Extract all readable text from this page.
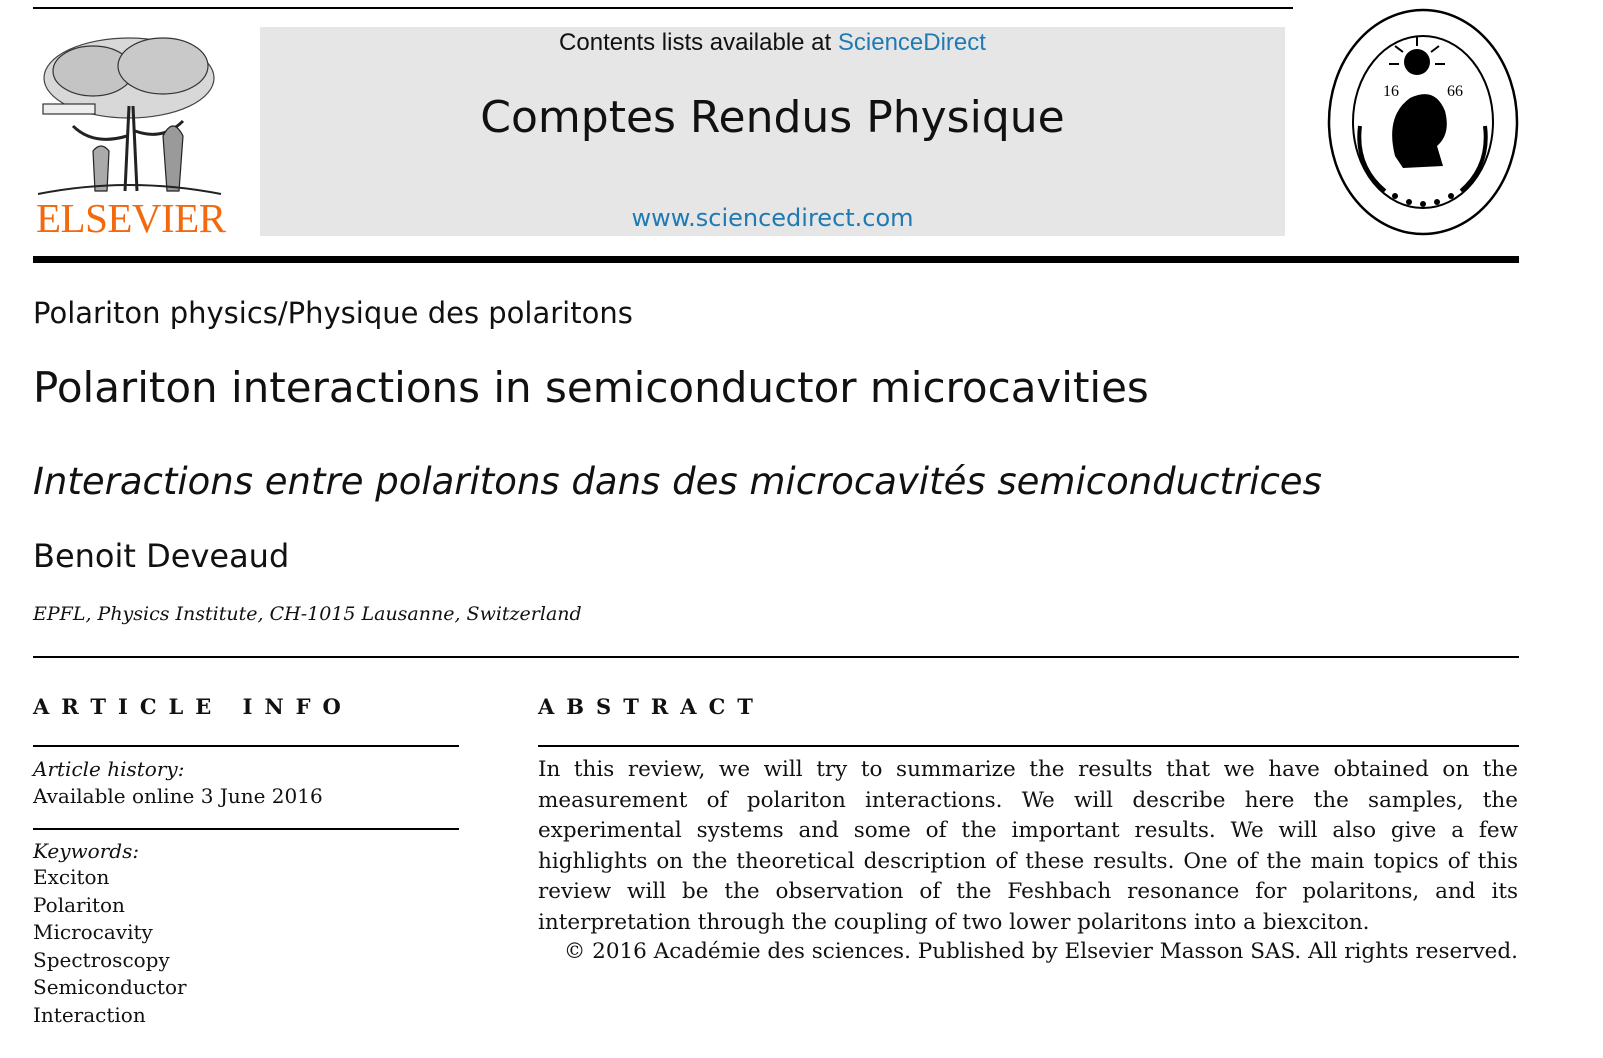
ELSEVIER
Contents lists available at ScienceDirect
Comptes Rendus Physique
www.sciencedirect.com
16	66
Polariton physics/Physique des polaritons
Polariton interactions in semiconductor microcavities
Interactions entre polaritons dans des microcavités semiconductrices
Benoit Deveaud
EPFL, Physics Institute, CH-1015 Lausanne, Switzerland
ARTICLE INFO
Article history:
Available online 3 June 2016
Keywords:
Exciton
Polariton
Microcavity
Spectroscopy
Semiconductor
Interaction
ABSTRACT
In this review, we will try to summarize the results that we have obtained on the measurement of polariton interactions. We will describe here the samples, the experimental systems and some of the important results. We will also give a few highlights on the theoretical description of these results. One of the main topics of this review will be the observation of the Feshbach resonance for polaritons, and its interpretation through the coupling of two lower polaritons into a biexciton.
© 2016 Académie des sciences. Published by Elsevier Masson SAS. All rights reserved.
